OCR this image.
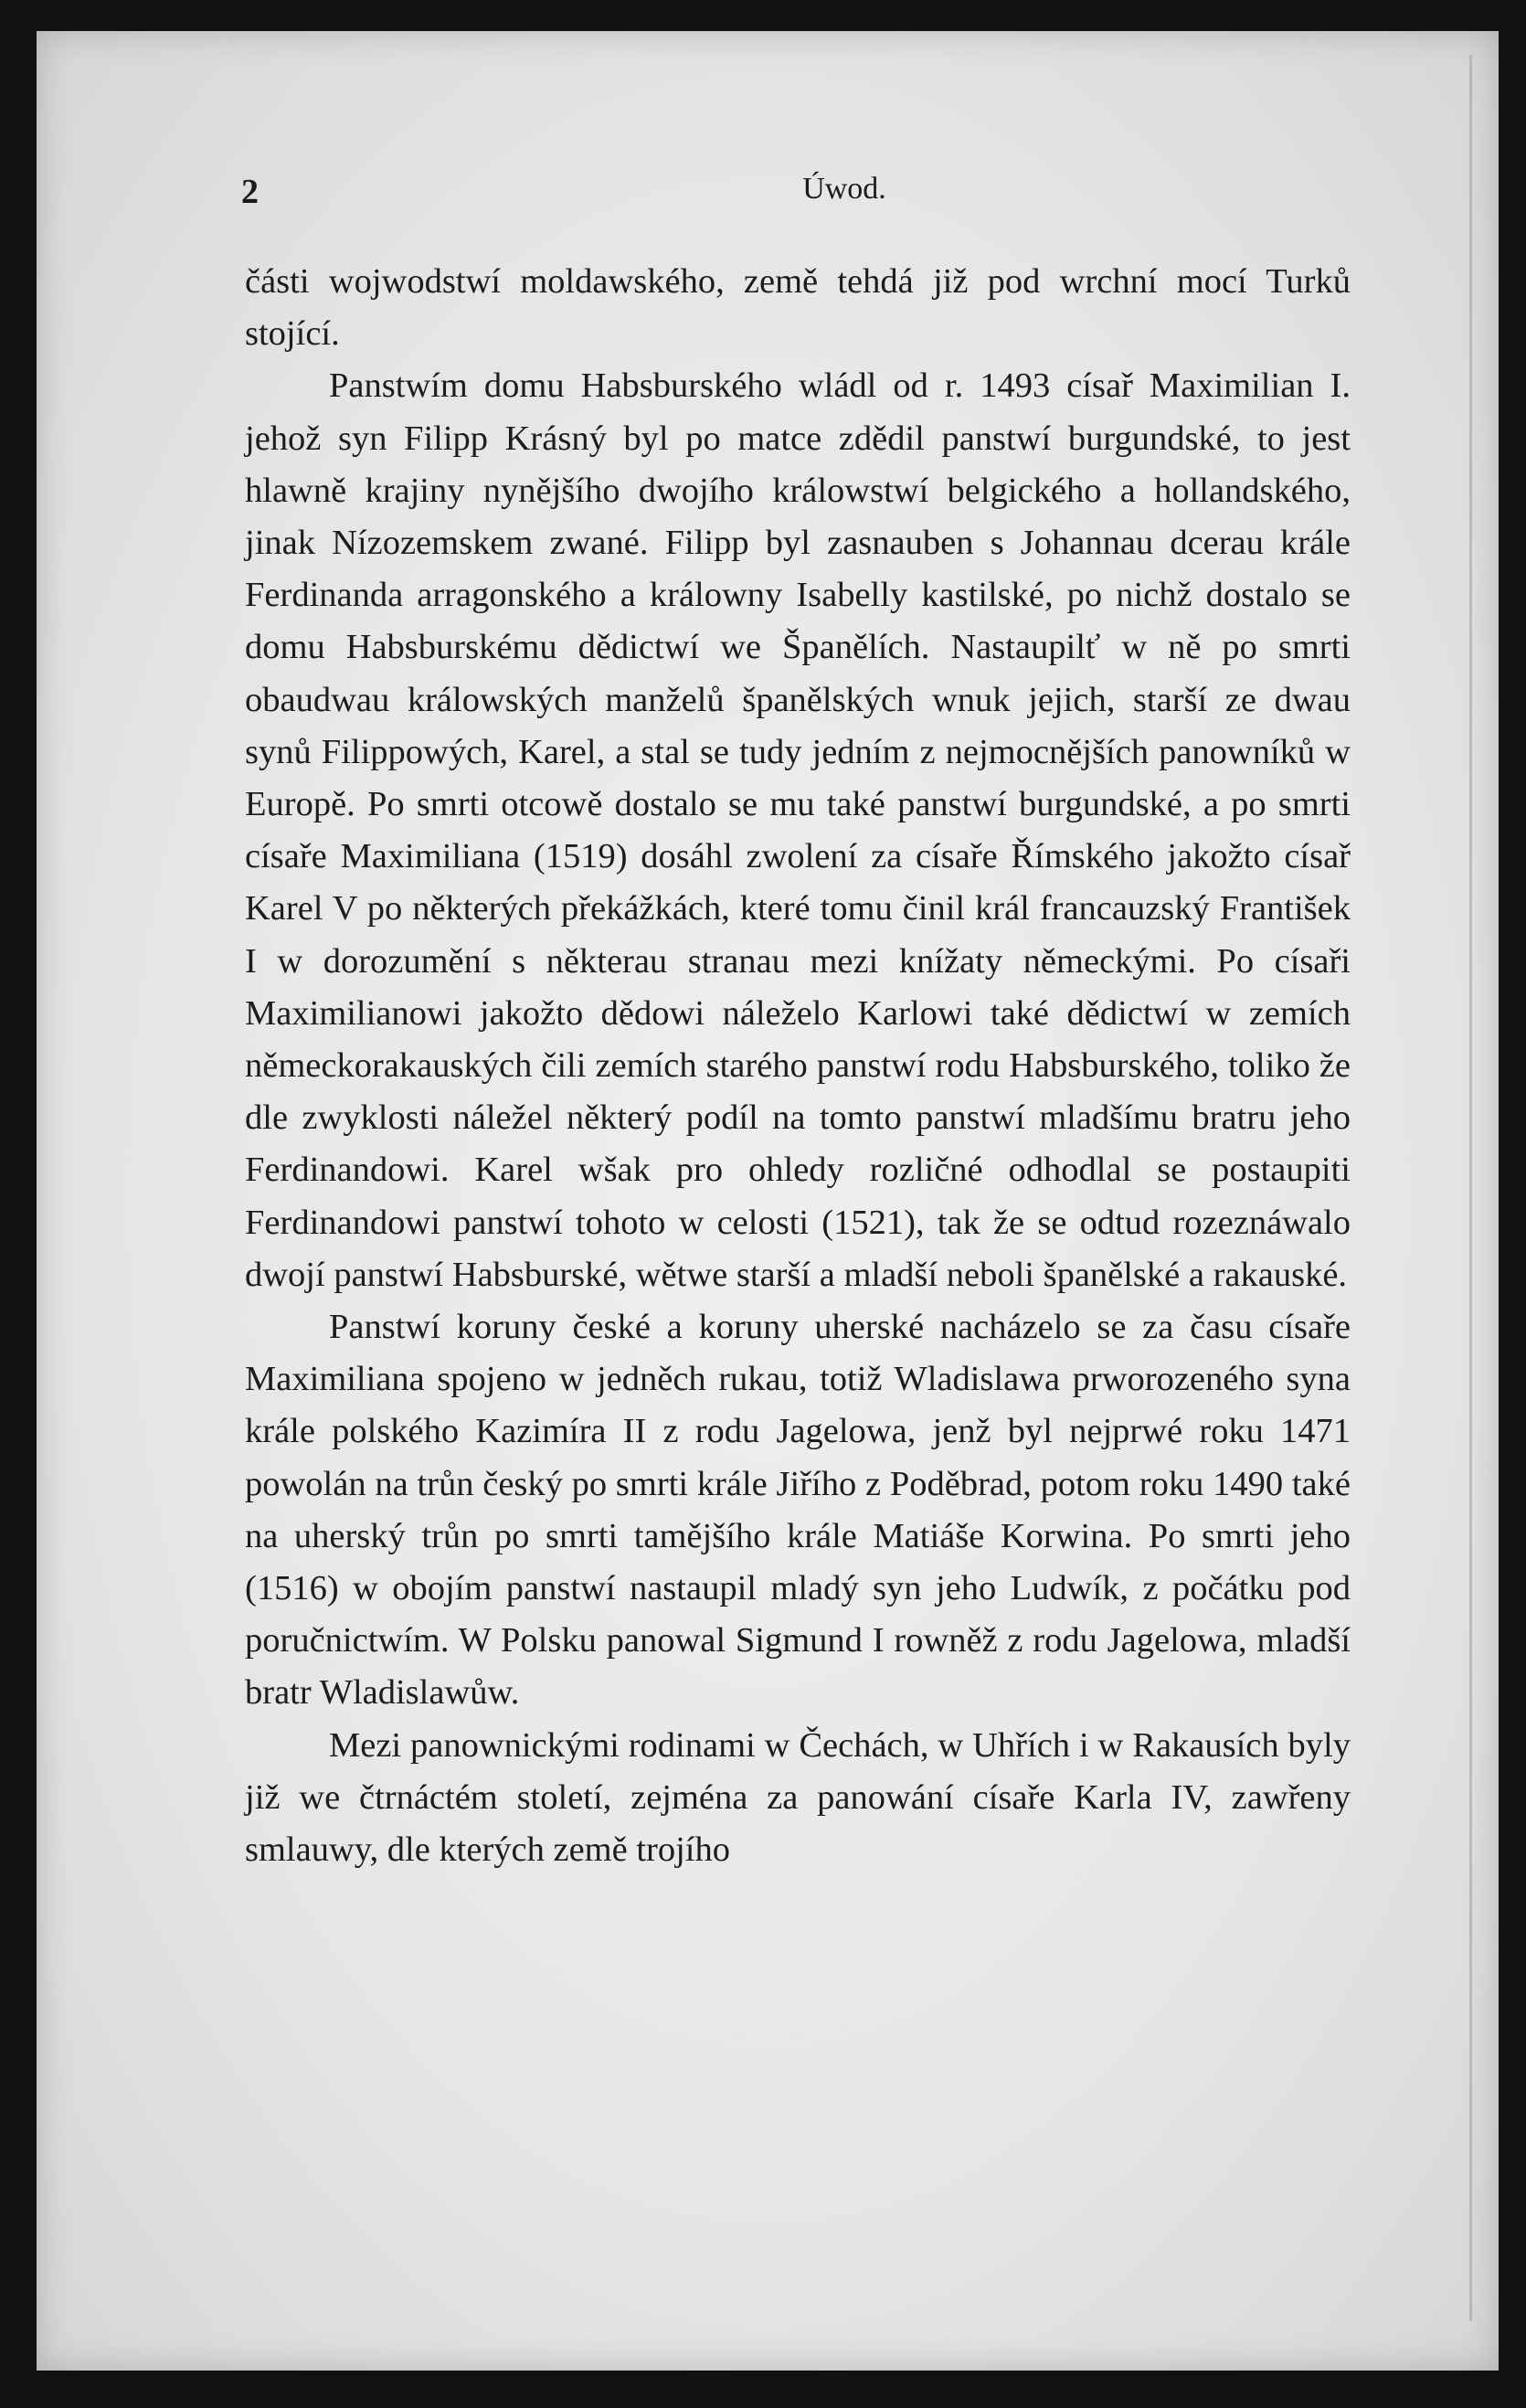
2	Úwod.

části wojwodstwí moldawského, země tehdá již pod wrchní mocí Turků stojící.

Panstwím domu Habsburského wládl od r. 1493 císař Maximilian I. jehož syn Filipp Krásný byl po matce zdědil panstwí burgundské, to jest hlawně krajiny nynějšího dwojího králowstwí belgického a hollandského, jinak Nízozemskem zwané. Filipp byl zasnauben s Johannau dcerau krále Ferdinanda arragonského a králowny Isabelly kastilské, po nichž dostalo se domu Habsburskému dědictwí we Španělích. Nastaupilť w ně po smrti obaudwau králowských manželů španělských wnuk jejich, starší ze dwau synů Filippowých, Karel, a stal se tudy jedním z nejmocnějších panowníků w Europě. Po smrti otcowě dostalo se mu také panstwí burgundské, a po smrti císaře Maximiliana (1519) dosáhl zwolení za císaře Římského jakožto císař Karel V po některých překážkách, které tomu činil král francauzský František I w dorozumění s některau stranau mezi knížaty německými. Po císaři Maximilianowi jakožto dědowi náleželo Karlowi také dědictwí w zemích německorakauských čili zemích starého panstwí rodu Habsburského, toliko že dle zwyklosti náležel některý podíl na tomto panstwí mladšímu bratru jeho Ferdinandowi. Karel wšak pro ohledy rozličné odhodlal se postaupiti Ferdinandowi panstwí tohoto w celosti (1521), tak že se odtud rozeznáwalo dwojí panstwí Habsburské, wětwe starší a mladší neboli španělské a rakauské.

Panstwí koruny české a koruny uherské nacházelo se za času císaře Maximiliana spojeno w jedněch rukau, totiž Wladislawa prworozeného syna krále polského Kazimíra II z rodu Jagelowa, jenž byl nejprwé roku 1471 powolán na trůn český po smrti krále Jiřího z Poděbrad, potom roku 1490 také na uherský trůn po smrti tamějšího krále Matiáše Korwina. Po smrti jeho (1516) w obojím panstwí nastaupil mladý syn jeho Ludwík, z počátku pod poručnictwím. W Polsku panowal Sigmund I rowněž z rodu Jagelowa, mladší bratr Wladislawůw.

Mezi panownickými rodinami w Čechách, w Uhřích i w Rakausích byly již we čtrnáctém století, zejména za panowání císaře Karla IV, zawřeny smlauwy, dle kterých země trojího
